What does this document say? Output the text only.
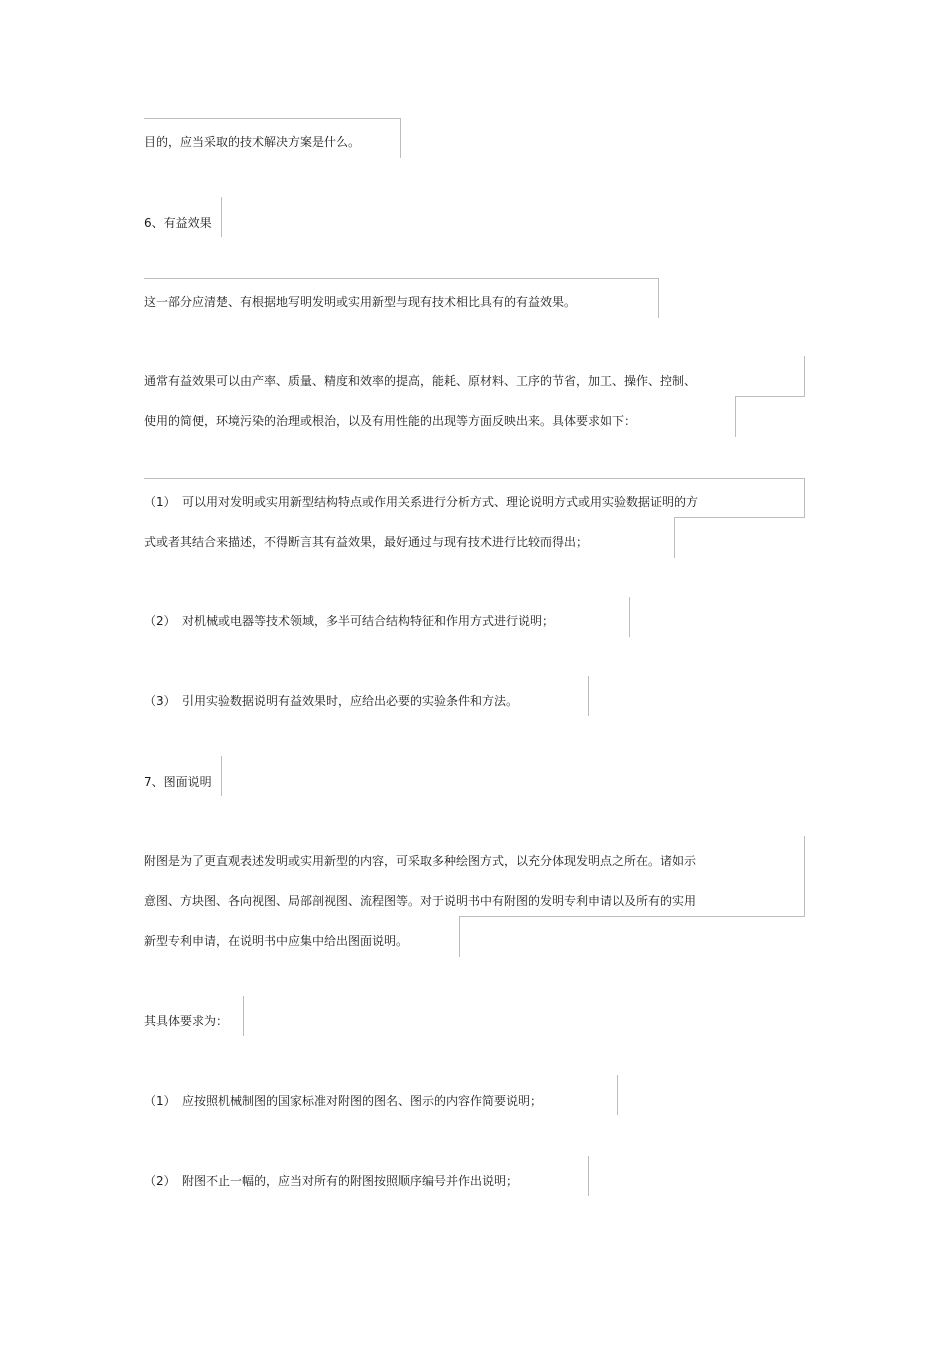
目的，应当采取的技术解决方案是什么。
6、有益效果
这一部分应清楚、有根据地写明发明或实用新型与现有技术相比具有的有益效果。
通常有益效果可以由产率、质量、精度和效率的提高，能耗、原材料、工序的节省，加工、操作、控制、
使用的简便，环境污染的治理或根治，以及有用性能的出现等方面反映出来。具体要求如下：
（1） 可以用对发明或实用新型结构特点或作用关系进行分析方式、理论说明方式或用实验数据证明的方
式或者其结合来描述，不得断言其有益效果，最好通过与现有技术进行比较而得出；
（2） 对机械或电器等技术领域，多半可结合结构特征和作用方式进行说明；
（3） 引用实验数据说明有益效果时，应给出必要的实验条件和方法。
7、图面说明
附图是为了更直观表述发明或实用新型的内容，可采取多种绘图方式，以充分体现发明点之所在。诸如示
意图、方块图、各向视图、局部剖视图、流程图等。对于说明书中有附图的发明专利申请以及所有的实用
新型专利申请，在说明书中应集中给出图面说明。
其具体要求为：
（1） 应按照机械制图的国家标准对附图的图名、图示的内容作简要说明；
（2） 附图不止一幅的，应当对所有的附图按照顺序编号并作出说明；
